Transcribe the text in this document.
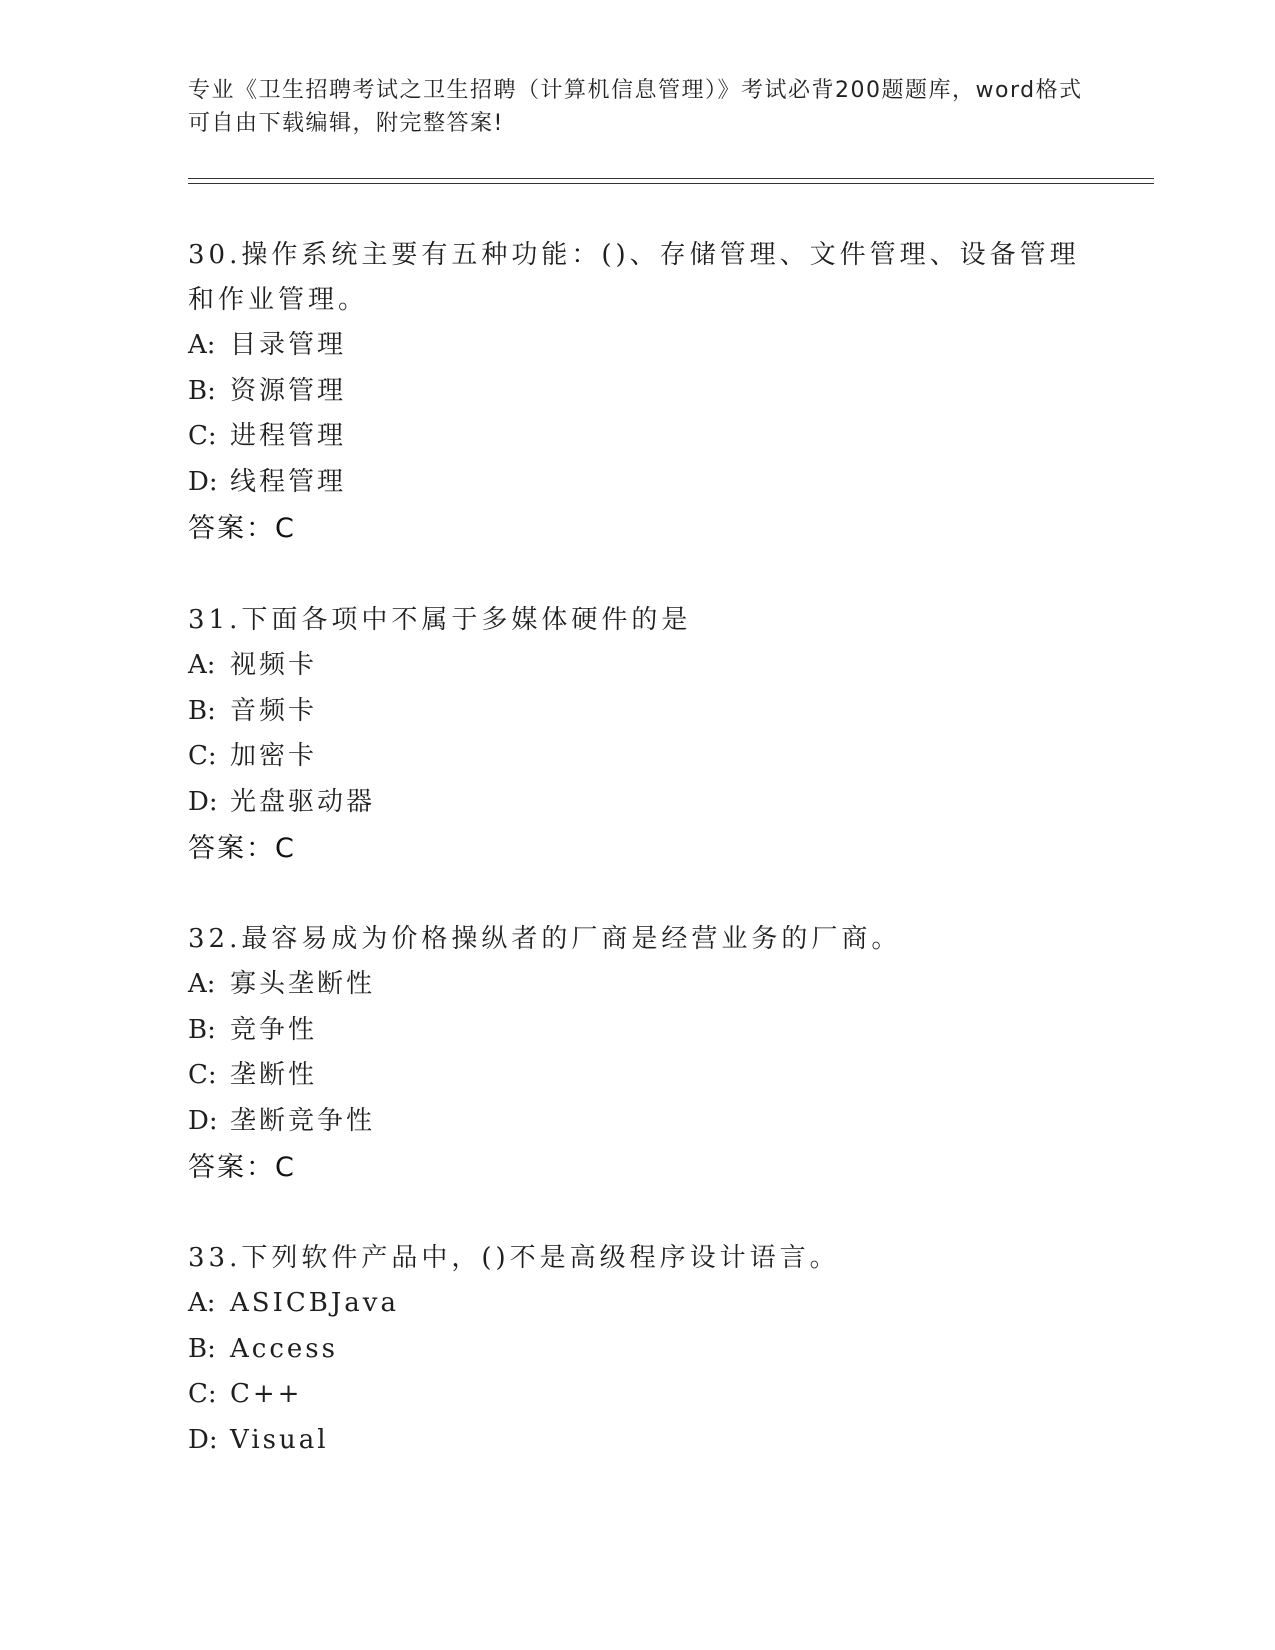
专业《卫生招聘考试之卫生招聘（计算机信息管理）》考试必背200题题库，word格式可自由下载编辑，附完整答案!
30.操作系统主要有五种功能：()、存储管理、文件管理、设备管理和作业管理。
A: 目录管理
B: 资源管理
C: 进程管理
D: 线程管理
答案：C
31.下面各项中不属于多媒体硬件的是
A: 视频卡
B: 音频卡
C: 加密卡
D: 光盘驱动器
答案：C
32.最容易成为价格操纵者的厂商是经营业务的厂商。
A: 寡头垄断性
B: 竞争性
C: 垄断性
D: 垄断竞争性
答案：C
33.下列软件产品中，()不是高级程序设计语言。
A: ASICBJava
B: Access
C: C++
D: Visual
